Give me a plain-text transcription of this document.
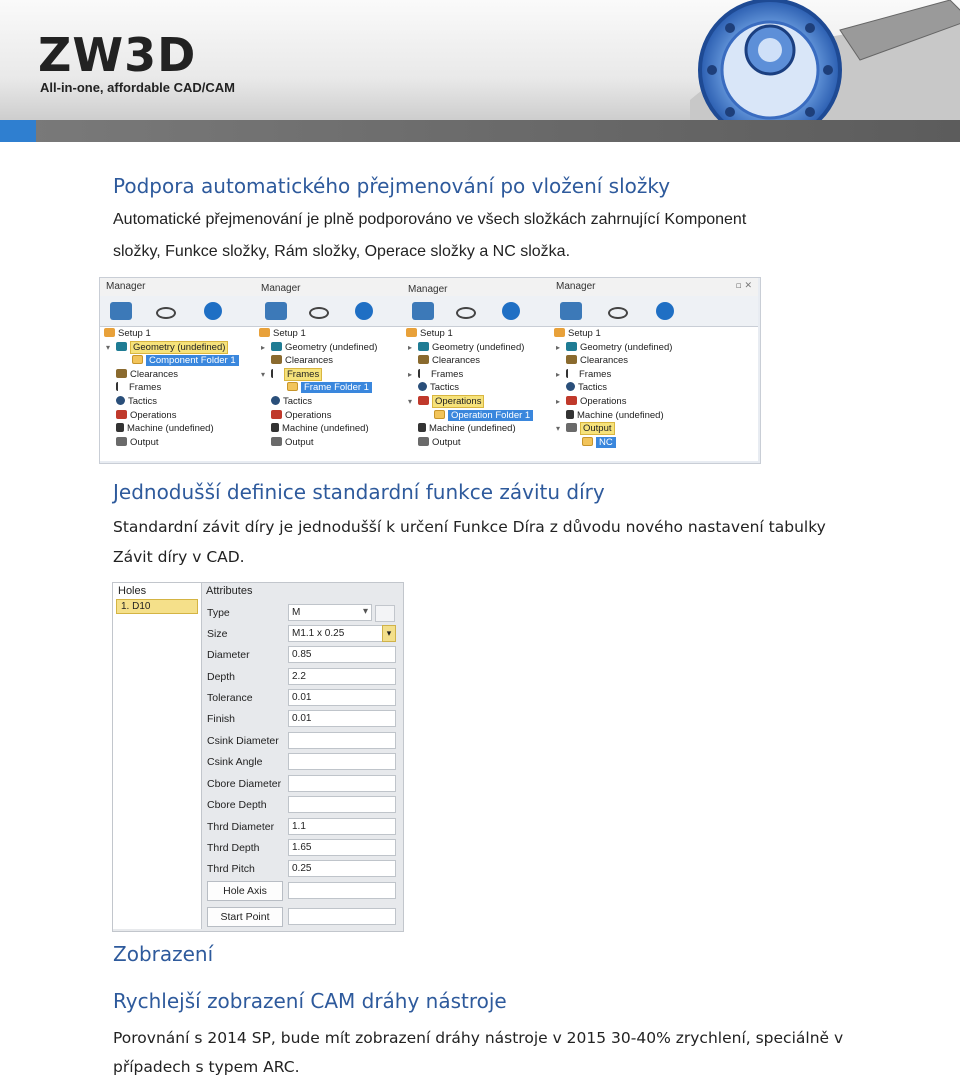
ZW3D
All-in-one, affordable CAD/CAM
Podpora automatického přejmenování po vložení složky

Automatické přejmenování je plně podporováno ve všech složkách zahrnující Komponent

složky, Funkce složky, Rám složky, Operace složky a NC složka.

Manager
Setup 1
▾ Geometry (undefined)
Component Folder 1
Clearances
Frames
Tactics
Operations
Machine (undefined)
Output
Manager
Setup 1
▸ Geometry (undefined)
Clearances
▾ Frames
Frame Folder 1
Tactics
Operations
Machine (undefined)
Output
Manager
Setup 1
▸ Geometry (undefined)
Clearances
▸ Frames
Tactics
▾ Operations
Operation Folder 1
Machine (undefined)
Output
Manager	▫ ✕
Setup 1
▸ Geometry (undefined)
Clearances
▸ Frames
Tactics
▸ Operations
Machine (undefined)
▾ Output
NC
Jednodušší definice standardní funkce závitu díry

Standardní závit díry je jednodušší k určení Funkce Díra z důvodu nového nastavení tabulky

Závit díry v CAD.

Holes
1. D10
Attributes
Type	M ▾
Size	M1.1 x 0.25	▾
Diameter	0.85
Depth	2.2
Tolerance	0.01
Finish	0.01
Csink Diameter
Csink Angle
Cbore Diameter
Cbore Depth
Thrd Diameter	1.1
Thrd Depth	1.65
Thrd Pitch	0.25
Hole Axis
Start Point
Zobrazení
Rychlejší zobrazení CAM dráhy nástroje

Porovnání s 2014 SP, bude mít zobrazení dráhy nástroje v 2015 30-40% zrychlení, speciálně v

případech s typem ARC.
